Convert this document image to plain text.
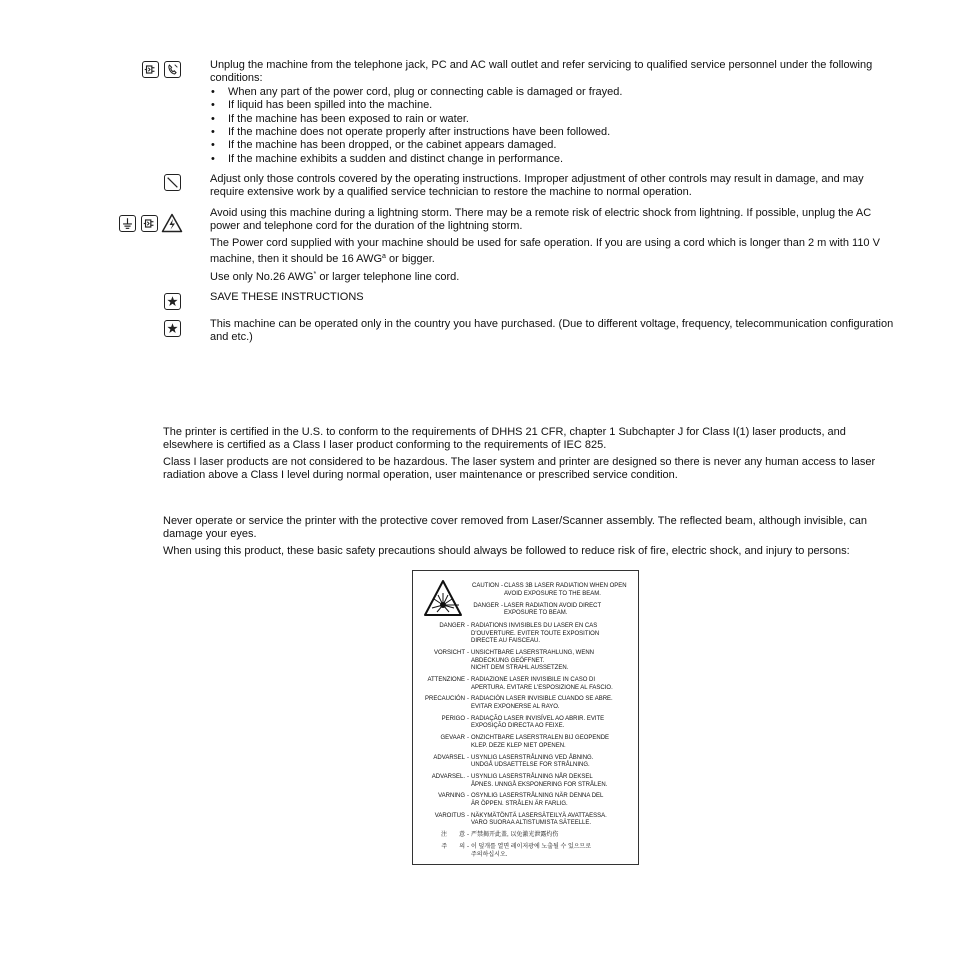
Unplug the machine from the telephone jack, PC and AC wall outlet and refer servicing to qualified service personnel under the following conditions:
• When any part of the power cord, plug or connecting cable is damaged or frayed.
• If liquid has been spilled into the machine.
• If the machine has been exposed to rain or water.
• If the machine does not operate properly after instructions have been followed.
• If the machine has been dropped, or the cabinet appears damaged.
• If the machine exhibits a sudden and distinct change in performance.
Adjust only those controls covered by the operating instructions. Improper adjustment of other controls may result in damage, and may require extensive work by a qualified service technician to restore the machine to normal operation.
Avoid using this machine during a lightning storm. There may be a remote risk of electric shock from lightning. If possible, unplug the AC power and telephone cord for the duration of the lightning storm.
The Power cord supplied with your machine should be used for safe operation. If you are using a cord which is longer than 2 m with 110 V machine, then it should be 16 AWG$^a$ or bigger.
Use only No.26 AWG* or larger telephone line cord.
SAVE THESE INSTRUCTIONS
This machine can be operated only in the country you have purchased. (Due to different voltage, frequency, telecommunication configuration and etc.)
The printer is certified in the U.S. to conform to the requirements of DHHS 21 CFR, chapter 1 Subchapter J for Class I(1) laser products, and elsewhere is certified as a Class I laser product conforming to the requirements of IEC 825.
Class I laser products are not considered to be hazardous. The laser system and printer are designed so there is never any human access to laser radiation above a Class I level during normal operation, user maintenance or prescribed service condition.
Never operate or service the printer with the protective cover removed from Laser/Scanner assembly. The reflected beam, although invisible, can damage your eyes.
When using this product, these basic safety precautions should always be followed to reduce risk of fire, electric shock, and injury to persons:
CAUTION - CLASS 3B LASER RADIATION WHEN OPEN
AVOID EXPOSURE TO THE BEAM.
DANGER - LASER RADIATION AVOID DIRECT
EXPOSURE TO BEAM.
DANGER - RADIATIONS INVISIBLES DU LASER EN CAS
D'OUVERTURE. EVITER TOUTE EXPOSITION
DIRECTE AU FAISCEAU.
VORSICHT - UNSICHTBARE LASERSTRAHLUNG, WENN
ABDECKUNG GEÖFFNET.
NICHT DEM STRAHL AUSSETZEN.
ATTENZIONE - RADIAZIONE LASER INVISIBILE IN CASO DI
APERTURA. EVITARE L'ESPOSIZIONE AL FASCIO.
PRECAUCIÓN - RADIACIÓN LASER INVISIBLE CUANDO SE ABRE.
EVITAR EXPONERSE AL RAYO.
PERIGO - RADIAÇÃO LASER INVISÍVEL AO ABRIR. EVITE
EXPOSIÇÃO DIRECTA AO FEIXE.
GEVAAR - ONZICHTBARE LASERSTRALEN BIJ GEOPENDE
KLEP. DEZE KLEP NIET OPENEN.
ADVARSEL - USYNLIG LASERSTRÅLNING VED ÅBNING.
UNDGÅ UDSAETTELSE FOR STRÅLNING.
ADVARSEL. - USYNLIG LASERSTRÅLNING NÅR DEKSEL
ÅPNES. UNNGÅ EKSPONERING FOR STRÅLEN.
VARNING - OSYNLIG LASERSTRÅLNING NÄR DENNA DEL
ÄR ÖPPEN. STRÅLEN ÄR FARLIG.
VAROITUS - NÄKYMÄTÖNTÄ LASERSÄTEILYÄ AVATTAESSA.
VARO SUORAA ALTISTUMISTA SÄTEELLE.
注　　意 - 严禁揭开此盖, 以免激光泄露灼伤
주　　의 - 이 덮개를 열면 레이저광에 노출될 수 있으므로
주의하십시오.
